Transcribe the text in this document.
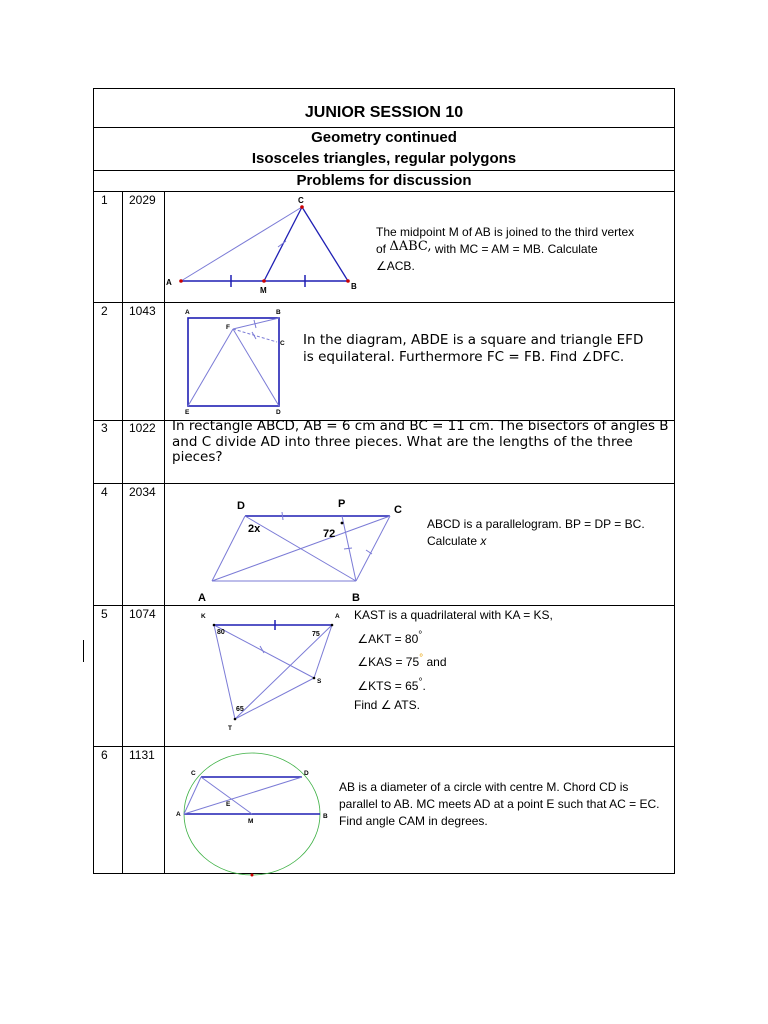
JUNIOR SESSION 10
Geometry continued
Isosceles triangles, regular polygons
Problems for discussion
1 2029
A	B
C
M
The midpoint M of AB is joined to the third vertex
of ΔABC, with MC = AM = MB. Calculate
∠ACB.
2 1043	A	B
C
D
E
F
In the diagram, ABDE is a square and triangle EFD
is equilateral. Furthermore FC = FB. Find ∠DFC.
3 1022 In rectangle ABCD, AB = 6 cm and BC = 11 cm. The bisectors of angles B and C divide AD into three pieces. What are the lengths of the three pieces?
4 2034
D	P	C
A	B
2x	72
ABCD is a parallelogram. BP = DP = BC.
Calculate x
5 1074	K	A
S
T
80	75
65
KAST is a quadrilateral with KA = KS,
∠AKT = 80°
∠KAS = 75° and
∠KTS = 65°.
Find ∠ ATS.
6 1131
C	D
A	B
E
M
AB is a diameter of a circle with centre M. Chord CD is parallel to AB. MC meets AD at a point E such that AC = EC. Find angle CAM in degrees.
